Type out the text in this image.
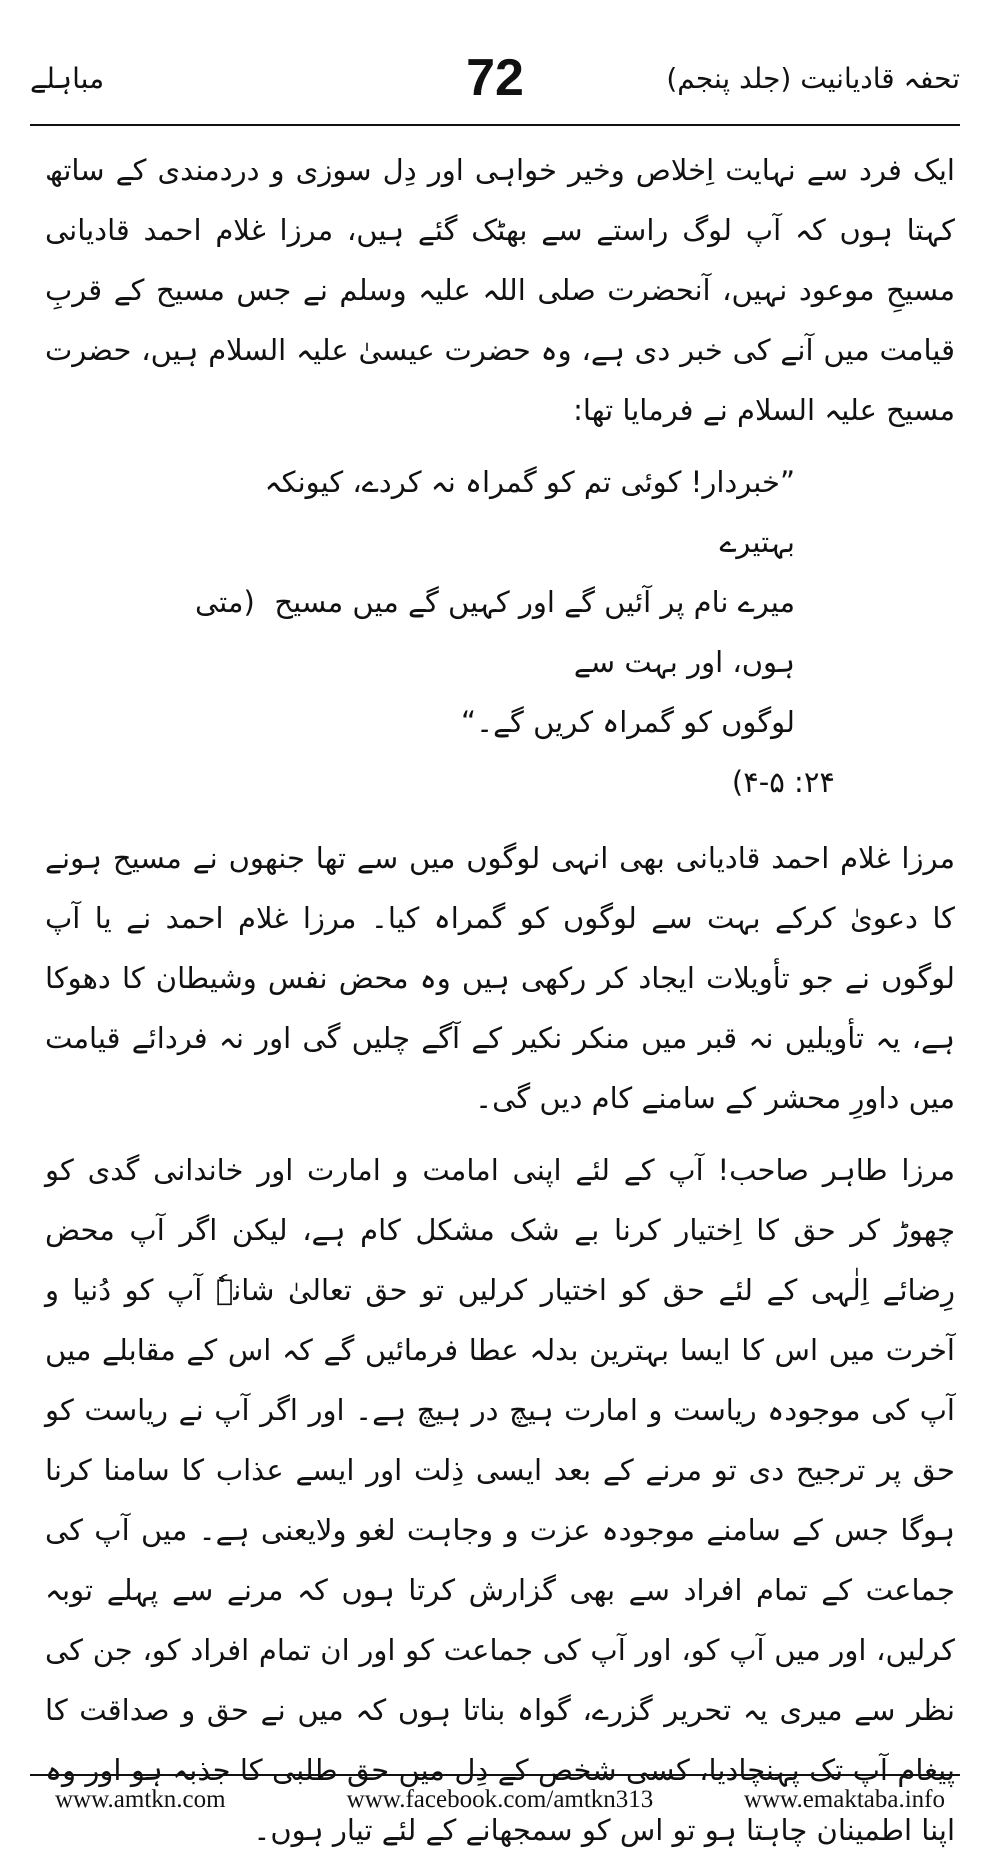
تحفہ قادیانیت (جلد پنجم)
72
مباہلے

ایک فرد سے نہایت اِخلاص وخیر خواہی اور دِل سوزی و دردمندی کے ساتھ کہتا ہوں کہ آپ لوگ راستے سے بھٹک گئے ہیں، مرزا غلام احمد قادیانی مسیحِ موعود نہیں، آنحضرت صلی اللہ علیہ وسلم نے جس مسیح کے قربِ قیامت میں آنے کی خبر دی ہے، وہ حضرت عیسیٰ علیہ السلام ہیں، حضرت مسیح علیہ السلام نے فرمایا تھا:

”خبردار! کوئی تم کو گمراہ نہ کردے، کیونکہ بہتیرے
میرے نام پر آئیں گے اور کہیں گے میں مسیح ہوں، اور بہت سے
لوگوں کو گمراہ کریں گے۔“
(متی
۲۴: ۴-۵)

مرزا غلام احمد قادیانی بھی انہی لوگوں میں سے تھا جنھوں نے مسیح ہونے کا دعویٰ کرکے بہت سے لوگوں کو گمراہ کیا۔ مرزا غلام احمد نے یا آپ لوگوں نے جو تأویلات ایجاد کر رکھی ہیں وہ محض نفس وشیطان کا دھوکا ہے، یہ تأویلیں نہ قبر میں منکر نکیر کے آگے چلیں گی اور نہ فردائے قیامت میں داورِ محشر کے سامنے کام دیں گی۔

مرزا طاہر صاحب! آپ کے لئے اپنی امامت و امارت اور خاندانی گدی کو چھوڑ کر حق کا اِختیار کرنا بے شک مشکل کام ہے، لیکن اگر آپ محض رِضائے اِلٰہی کے لئے حق کو اختیار کرلیں تو حق تعالیٰ شانہٗ آپ کو دُنیا و آخرت میں اس کا ایسا بہترین بدلہ عطا فرمائیں گے کہ اس کے مقابلے میں آپ کی موجودہ ریاست و امارت ہیچ در ہیچ ہے۔ اور اگر آپ نے ریاست کو حق پر ترجیح دی تو مرنے کے بعد ایسی ذِلت اور ایسے عذاب کا سامنا کرنا ہوگا جس کے سامنے موجودہ عزت و وجاہت لغو ولایعنی ہے۔ میں آپ کی جماعت کے تمام افراد سے بھی گزارش کرتا ہوں کہ مرنے سے پہلے توبہ کرلیں، اور میں آپ کو، اور آپ کی جماعت کو اور ان تمام افراد کو، جن کی نظر سے میری یہ تحریر گزرے، گواہ بناتا ہوں کہ میں نے حق و صداقت کا پیغام آپ تک پہنچادیا، کسی شخص کے دِل میں حق طلبی کا جذبہ ہو اور وہ اپنا اطمینان چاہتا ہو تو اس کو سمجھانے کے لئے تیار ہوں۔

www.amtkn.com	www.facebook.com/amtkn313	www.emaktaba.info
